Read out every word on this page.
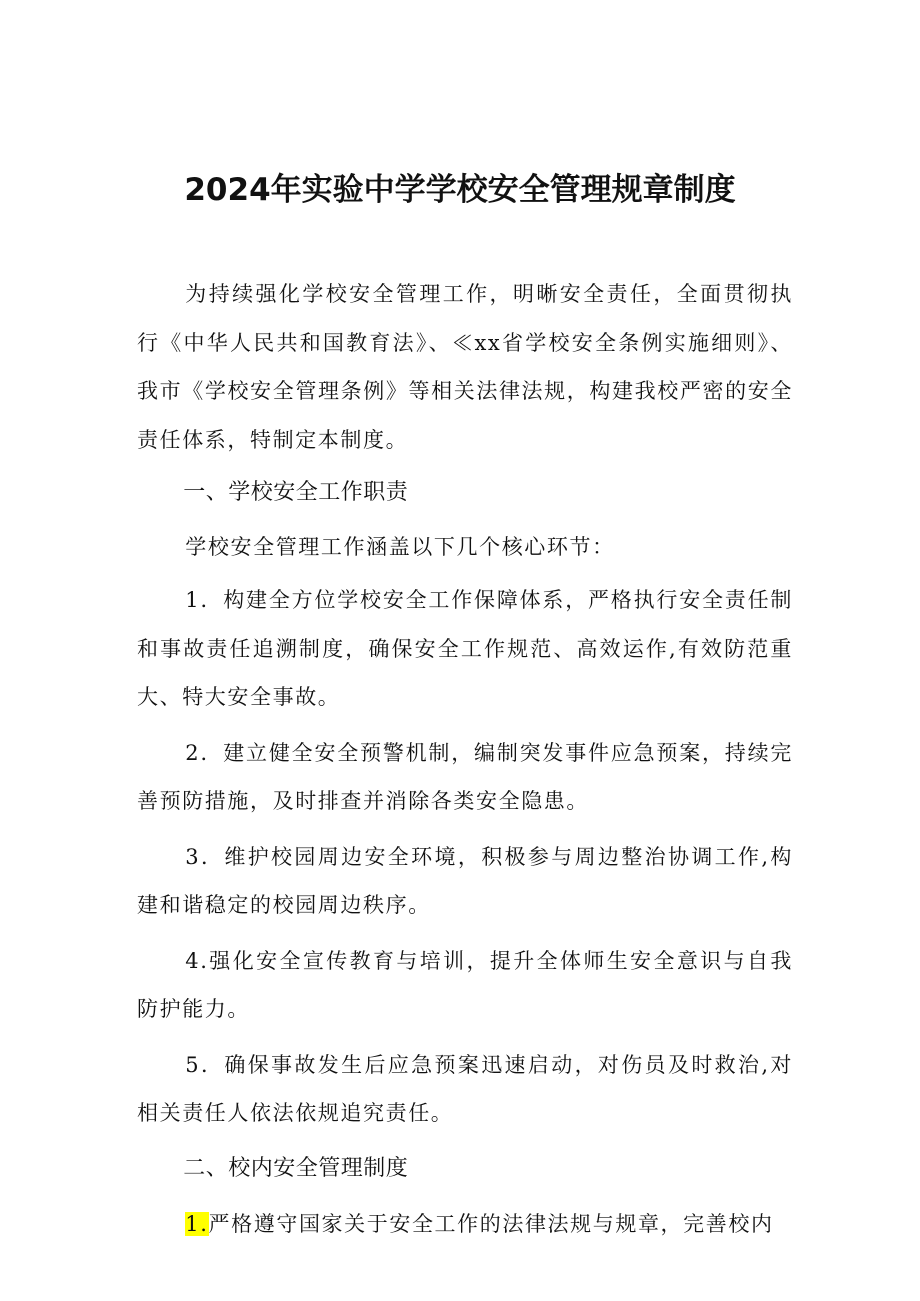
2024年实验中学学校安全管理规章制度

为持续强化学校安全管理工作，明晰安全责任，全面贯彻执行《中华人民共和国教育法》、≪xx省学校安全条例实施细则》、我市《学校安全管理条例》等相关法律法规，构建我校严密的安全责任体系，特制定本制度。

一、学校安全工作职责

学校安全管理工作涵盖以下几个核心环节：

1．构建全方位学校安全工作保障体系，严格执行安全责任制和事故责任追溯制度，确保安全工作规范、高效运作,有效防范重大、特大安全事故。

2．建立健全安全预警机制，编制突发事件应急预案，持续完善预防措施，及时排查并消除各类安全隐患。

3．维护校园周边安全环境，积极参与周边整治协调工作,构建和谐稳定的校园周边秩序。

4.强化安全宣传教育与培训，提升全体师生安全意识与自我防护能力。

5．确保事故发生后应急预案迅速启动，对伤员及时救治,对相关责任人依法依规追究责任。

二、校内安全管理制度

1.严格遵守国家关于安全工作的法律法规与规章，完善校内
